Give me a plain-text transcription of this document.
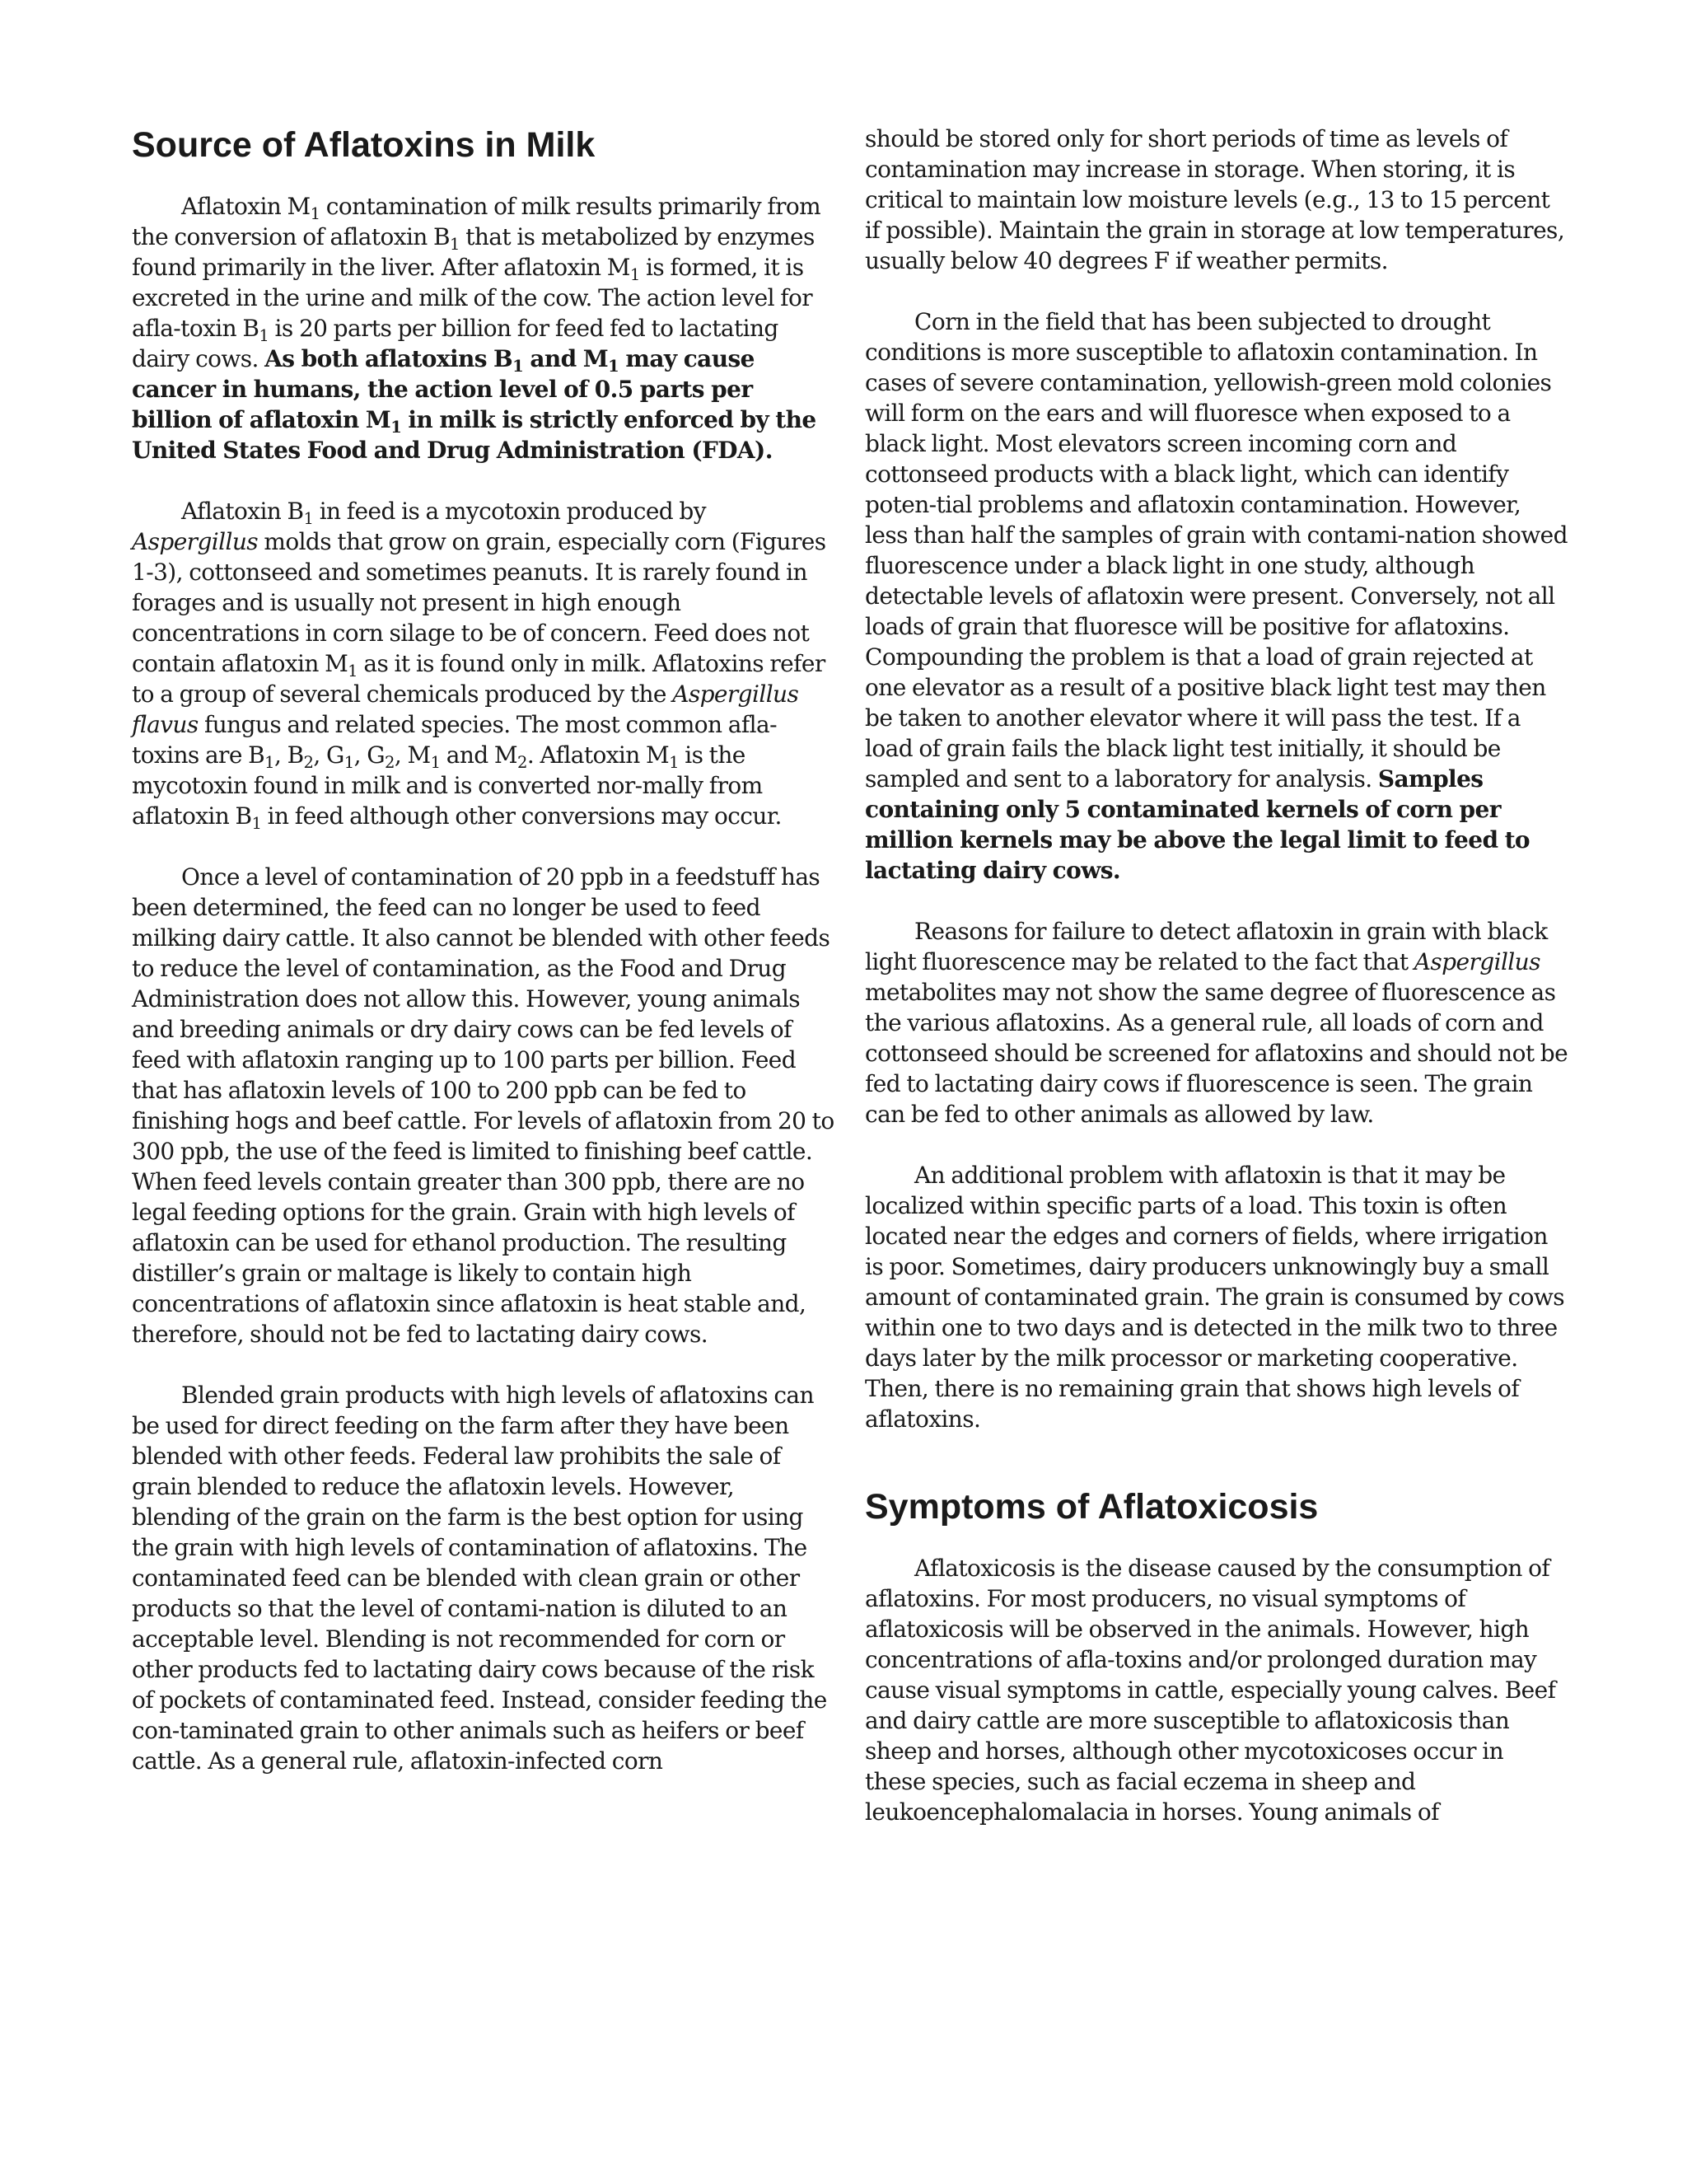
Source of Aflatoxins in Milk

Aflatoxin $M_1$ contamination of milk results primarily from the conversion of aflatoxin $B_1$ that is metabolized by enzymes found primarily in the liver. After aflatoxin $M_1$ is formed, it is excreted in the urine and milk of the cow. The action level for afla-toxin $B_1$ is 20 parts per billion for feed fed to lactating dairy cows. As both aflatoxins $B_1$ and $M_1$ may cause cancer in humans, the action level of 0.5 parts per billion of aflatoxin $M_1$ in milk is strictly enforced by the United States Food and Drug Administration (FDA).

Aflatoxin $B_1$ in feed is a mycotoxin produced by Aspergillus molds that grow on grain, especially corn (Figures 1-3), cottonseed and sometimes peanuts. It is rarely found in forages and is usually not present in high enough concentrations in corn silage to be of concern. Feed does not contain aflatoxin $M_1$ as it is found only in milk. Aflatoxins refer to a group of several chemicals produced by the Aspergillus flavus fungus and related species. The most common afla-toxins are $B_1$, $B_2$, $G_1$, $G_2$, $M_1$ and $M_2$. Aflatoxin $M_1$ is the mycotoxin found in milk and is converted nor-mally from aflatoxin $B_1$ in feed although other conversions may occur.

Once a level of contamination of 20 ppb in a feedstuff has been determined, the feed can no longer be used to feed milking dairy cattle. It also cannot be blended with other feeds to reduce the level of contamination, as the Food and Drug Administration does not allow this. However, young animals and breeding animals or dry dairy cows can be fed levels of feed with aflatoxin ranging up to 100 parts per billion. Feed that has aflatoxin levels of 100 to 200 ppb can be fed to finishing hogs and beef cattle. For levels of aflatoxin from 20 to 300 ppb, the use of the feed is limited to finishing beef cattle. When feed levels contain greater than 300 ppb, there are no legal feeding options for the grain. Grain with high levels of aflatoxin can be used for ethanol production. The resulting distiller’s grain or maltage is likely to contain high concentrations of aflatoxin since aflatoxin is heat stable and, therefore, should not be fed to lactating dairy cows.

Blended grain products with high levels of aflatoxins can be used for direct feeding on the farm after they have been blended with other feeds. Federal law prohibits the sale of grain blended to reduce the aflatoxin levels. However, blending of the grain on the farm is the best option for using the grain with high levels of contamination of aflatoxins. The contaminated feed can be blended with clean grain or other products so that the level of contami-nation is diluted to an acceptable level. Blending is not recommended for corn or other products fed to lactating dairy cows because of the risk of pockets of contaminated feed. Instead, consider feeding the con-taminated grain to other animals such as heifers or beef cattle. As a general rule, aflatoxin-infected corn

should be stored only for short periods of time as levels of contamination may increase in storage. When storing, it is critical to maintain low moisture levels (e.g., 13 to 15 percent if possible). Maintain the grain in storage at low temperatures, usually below 40 degrees F if weather permits.

Corn in the field that has been subjected to drought conditions is more susceptible to aflatoxin contamination. In cases of severe contamination, yellowish-green mold colonies will form on the ears and will fluoresce when exposed to a black light. Most elevators screen incoming corn and cottonseed products with a black light, which can identify poten-tial problems and aflatoxin contamination. However, less than half the samples of grain with contami-nation showed fluorescence under a black light in one study, although detectable levels of aflatoxin were present. Conversely, not all loads of grain that fluoresce will be positive for aflatoxins. Compounding the problem is that a load of grain rejected at one elevator as a result of a positive black light test may then be taken to another elevator where it will pass the test. If a load of grain fails the black light test initially, it should be sampled and sent to a laboratory for analysis. Samples containing only 5 contaminated kernels of corn per million kernels may be above the legal limit to feed to lactating dairy cows.

Reasons for failure to detect aflatoxin in grain with black light fluorescence may be related to the fact that Aspergillus metabolites may not show the same degree of fluorescence as the various aflatoxins. As a general rule, all loads of corn and cottonseed should be screened for aflatoxins and should not be fed to lactating dairy cows if fluorescence is seen. The grain can be fed to other animals as allowed by law.

An additional problem with aflatoxin is that it may be localized within specific parts of a load. This toxin is often located near the edges and corners of fields, where irrigation is poor. Sometimes, dairy producers unknowingly buy a small amount of contaminated grain. The grain is consumed by cows within one to two days and is detected in the milk two to three days later by the milk processor or marketing cooperative. Then, there is no remaining grain that shows high levels of aflatoxins.

Symptoms of Aflatoxicosis

Aflatoxicosis is the disease caused by the consumption of aflatoxins. For most producers, no visual symptoms of aflatoxicosis will be observed in the animals. However, high concentrations of afla-toxins and/or prolonged duration may cause visual symptoms in cattle, especially young calves. Beef and dairy cattle are more susceptible to aflatoxicosis than sheep and horses, although other mycotoxicoses occur in these species, such as facial eczema in sheep and leukoencephalomalacia in horses. Young animals of
